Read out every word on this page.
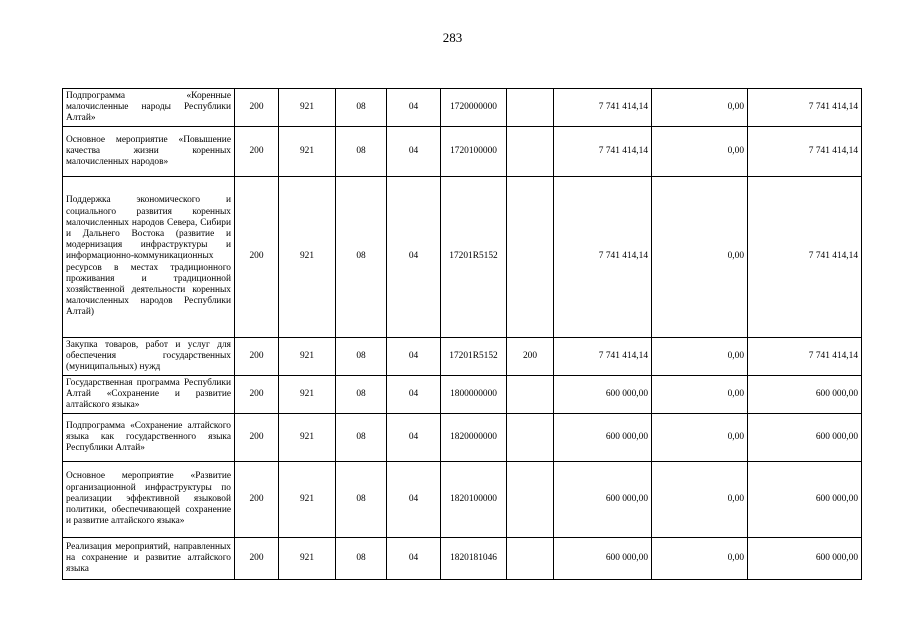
283
Подпрограмма «Коренные малочисленные народы Республики Алтай»	200	921	08	04	1720000000		7 741 414,14	0,00	7 741 414,14
Основное мероприятие «Повышение качества жизни коренных малочисленных народов»	200	921	08	04	1720100000		7 741 414,14	0,00	7 741 414,14
Поддержка экономического и социального развития коренных малочисленных народов Севера, Сибири и Дальнего Востока (развитие и модернизация инфраструктуры и информационно-коммуникационных ресурсов в местах традиционного проживания и традиционной хозяйственной деятельности коренных малочисленных народов Республики Алтай)	200	921	08	04	17201R5152		7 741 414,14	0,00	7 741 414,14
Закупка товаров, работ и услуг для обеспечения государственных (муниципальных) нужд	200	921	08	04	17201R5152	200	7 741 414,14	0,00	7 741 414,14
Государственная программа Республики Алтай «Сохранение и развитие алтайского языка»	200	921	08	04	1800000000		600 000,00	0,00	600 000,00
Подпрограмма «Сохранение алтайского языка как государственного языка Республики Алтай»	200	921	08	04	1820000000		600 000,00	0,00	600 000,00
Основное мероприятие «Развитие организационной инфраструктуры по реализации эффективной языковой политики, обеспечивающей сохранение и развитие алтайского языка»	200	921	08	04	1820100000		600 000,00	0,00	600 000,00
Реализация мероприятий, направленных на сохранение и развитие алтайского языка	200	921	08	04	1820181046		600 000,00	0,00	600 000,00
